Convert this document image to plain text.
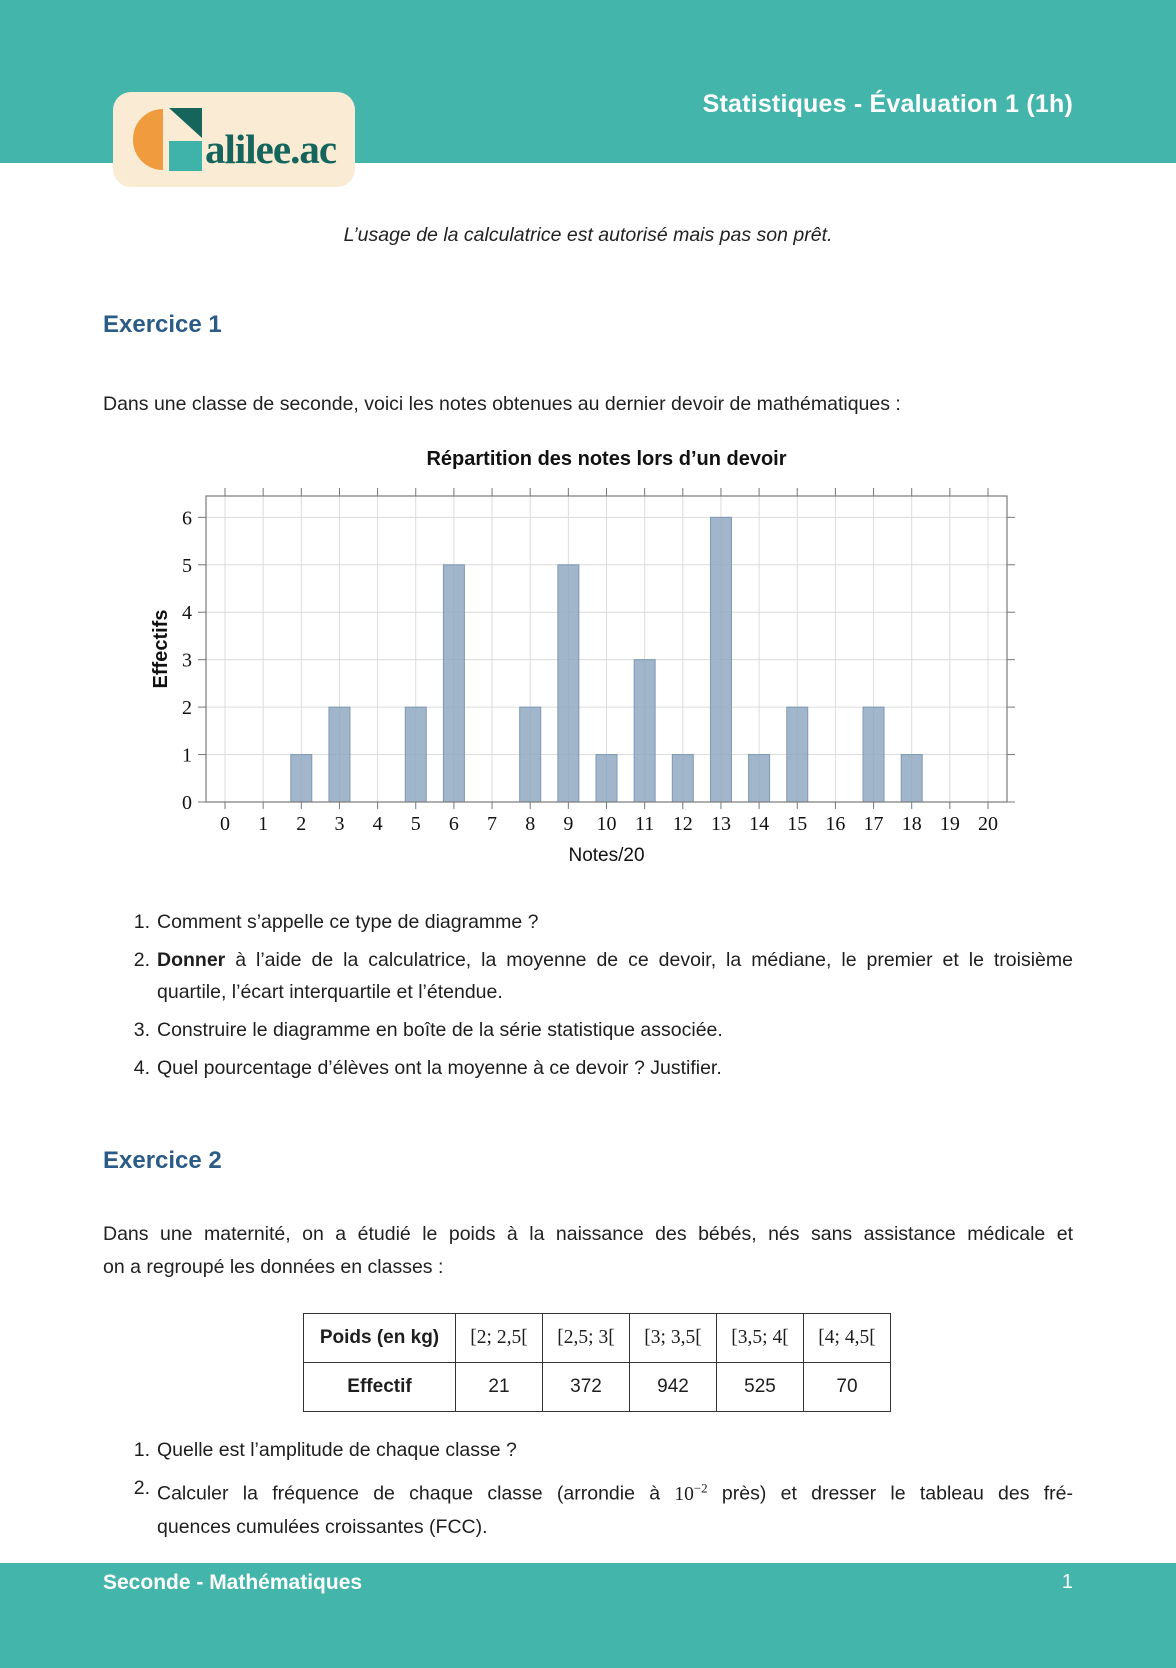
Statistiques - Évaluation 1 (1h)
alilee.ac
L’usage de la calculatrice est autorisé mais pas son prêt.
Exercice 1
Dans une classe de seconde, voici les notes obtenues au dernier devoir de mathématiques :
0 1 2 3 4 5 6 7 8 9 10 11 12 13 14 15 16 17 18 19 20
0
1
2
3
4
5
6
Répartition des notes lors d’un devoir
Effectifs
Notes/20
1. Comment s’appelle ce type de diagramme ?
2. Donner à l’aide de la calculatrice, la moyenne de ce devoir, la médiane, le premier et le troisième
quartile, l’écart interquartile et l’étendue.
3. Construire le diagramme en boîte de la série statistique associée.
4. Quel pourcentage d’élèves ont la moyenne à ce devoir ? Justifier.
Exercice 2
Dans une maternité, on a étudié le poids à la naissance des bébés, nés sans assistance médicale et
on a regroupé les données en classes :
Poids (en kg)	[2; 2,5[	[2,5; 3[	[3; 3,5[	[3,5; 4[	[4; 4,5[
Effectif	21	372	942	525	70
1. Quelle est l’amplitude de chaque classe ?
2. Calculer la fréquence de chaque classe (arrondie à $10^{-2}$ près) et dresser le tableau des fré-
quences cumulées croissantes (FCC).
Seconde - Mathématiques	1
